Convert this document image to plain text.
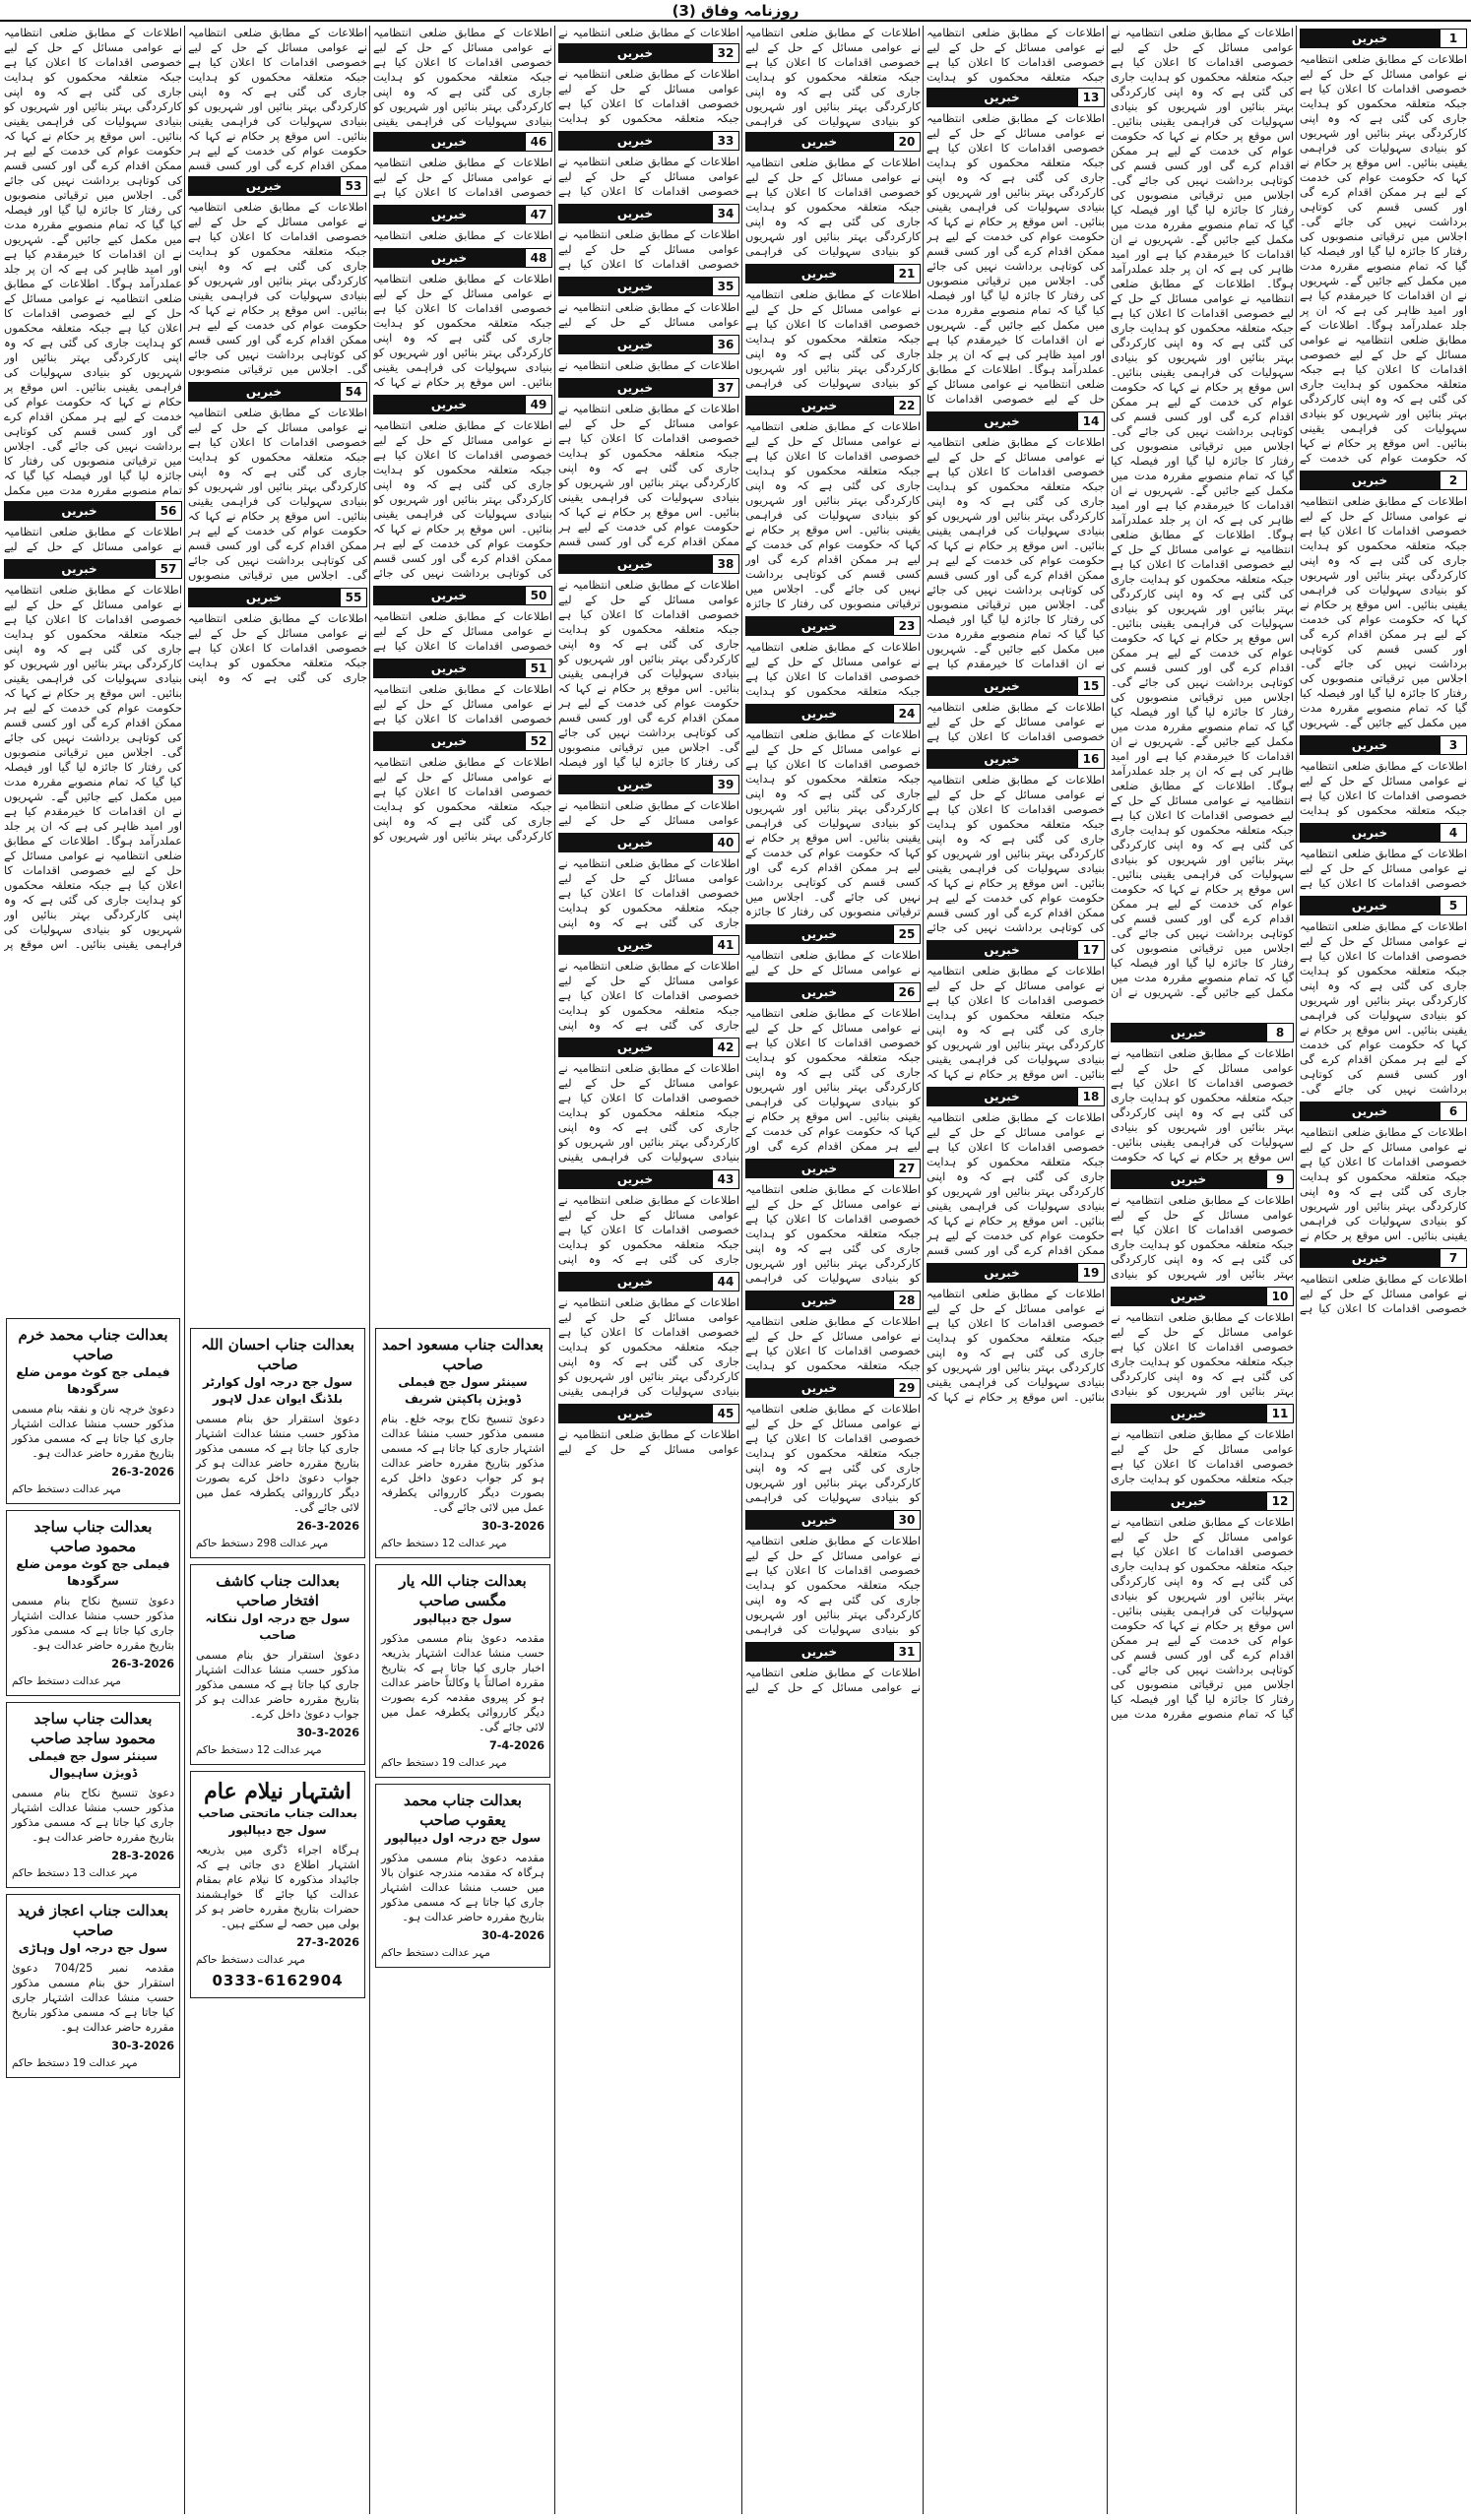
روزنامہ وفاق (3)
1
خبریں

اطلاعات کے مطابق ضلعی انتظامیہ نے عوامی مسائل کے حل کے لیے خصوصی اقدامات کا اعلان کیا ہے جبکہ متعلقہ محکموں کو ہدایت جاری کی گئی ہے کہ وہ اپنی کارکردگی بہتر بنائیں اور شہریوں کو بنیادی سہولیات کی فراہمی یقینی بنائیں۔ اس موقع پر حکام نے کہا کہ حکومت عوام کی خدمت کے لیے ہر ممکن اقدام کرے گی اور کسی قسم کی کوتاہی برداشت نہیں کی جائے گی۔ اجلاس میں ترقیاتی منصوبوں کی رفتار کا جائزہ لیا گیا اور فیصلہ کیا گیا کہ تمام منصوبے مقررہ مدت میں مکمل کیے جائیں گے۔ شہریوں نے ان اقدامات کا خیرمقدم کیا ہے اور امید ظاہر کی ہے کہ ان پر جلد عملدرآمد ہوگا۔ اطلاعات کے مطابق ضلعی انتظامیہ نے عوامی مسائل کے حل کے لیے خصوصی اقدامات کا اعلان کیا ہے جبکہ متعلقہ محکموں کو ہدایت جاری کی گئی ہے کہ وہ اپنی کارکردگی بہتر بنائیں اور شہریوں کو بنیادی سہولیات کی فراہمی یقینی بنائیں۔ اس موقع پر حکام نے کہا کہ حکومت عوام کی خدمت کے

2
خبریں

اطلاعات کے مطابق ضلعی انتظامیہ نے عوامی مسائل کے حل کے لیے خصوصی اقدامات کا اعلان کیا ہے جبکہ متعلقہ محکموں کو ہدایت جاری کی گئی ہے کہ وہ اپنی کارکردگی بہتر بنائیں اور شہریوں کو بنیادی سہولیات کی فراہمی یقینی بنائیں۔ اس موقع پر حکام نے کہا کہ حکومت عوام کی خدمت کے لیے ہر ممکن اقدام کرے گی اور کسی قسم کی کوتاہی برداشت نہیں کی جائے گی۔ اجلاس میں ترقیاتی منصوبوں کی رفتار کا جائزہ لیا گیا اور فیصلہ کیا گیا کہ تمام منصوبے مقررہ مدت میں مکمل کیے جائیں گے۔ شہریوں

3
خبریں

اطلاعات کے مطابق ضلعی انتظامیہ نے عوامی مسائل کے حل کے لیے خصوصی اقدامات کا اعلان کیا ہے جبکہ متعلقہ محکموں کو ہدایت

4
خبریں

اطلاعات کے مطابق ضلعی انتظامیہ نے عوامی مسائل کے حل کے لیے خصوصی اقدامات کا اعلان کیا ہے

5
خبریں

اطلاعات کے مطابق ضلعی انتظامیہ نے عوامی مسائل کے حل کے لیے خصوصی اقدامات کا اعلان کیا ہے جبکہ متعلقہ محکموں کو ہدایت جاری کی گئی ہے کہ وہ اپنی کارکردگی بہتر بنائیں اور شہریوں کو بنیادی سہولیات کی فراہمی یقینی بنائیں۔ اس موقع پر حکام نے کہا کہ حکومت عوام کی خدمت کے لیے ہر ممکن اقدام کرے گی اور کسی قسم کی کوتاہی برداشت نہیں کی جائے گی۔

6
خبریں

اطلاعات کے مطابق ضلعی انتظامیہ نے عوامی مسائل کے حل کے لیے خصوصی اقدامات کا اعلان کیا ہے جبکہ متعلقہ محکموں کو ہدایت جاری کی گئی ہے کہ وہ اپنی کارکردگی بہتر بنائیں اور شہریوں کو بنیادی سہولیات کی فراہمی یقینی بنائیں۔ اس موقع پر حکام نے

7
خبریں

اطلاعات کے مطابق ضلعی انتظامیہ نے عوامی مسائل کے حل کے لیے خصوصی اقدامات کا اعلان کیا ہے

اطلاعات کے مطابق ضلعی انتظامیہ نے عوامی مسائل کے حل کے لیے خصوصی اقدامات کا اعلان کیا ہے جبکہ متعلقہ محکموں کو ہدایت جاری کی گئی ہے کہ وہ اپنی کارکردگی بہتر بنائیں اور شہریوں کو بنیادی سہولیات کی فراہمی یقینی بنائیں۔ اس موقع پر حکام نے کہا کہ حکومت عوام کی خدمت کے لیے ہر ممکن اقدام کرے گی اور کسی قسم کی کوتاہی برداشت نہیں کی جائے گی۔ اجلاس میں ترقیاتی منصوبوں کی رفتار کا جائزہ لیا گیا اور فیصلہ کیا گیا کہ تمام منصوبے مقررہ مدت میں مکمل کیے جائیں گے۔ شہریوں نے ان اقدامات کا خیرمقدم کیا ہے اور امید ظاہر کی ہے کہ ان پر جلد عملدرآمد ہوگا۔ اطلاعات کے مطابق ضلعی انتظامیہ نے عوامی مسائل کے حل کے لیے خصوصی اقدامات کا اعلان کیا ہے جبکہ متعلقہ محکموں کو ہدایت جاری کی گئی ہے کہ وہ اپنی کارکردگی بہتر بنائیں اور شہریوں کو بنیادی سہولیات کی فراہمی یقینی بنائیں۔ اس موقع پر حکام نے کہا کہ حکومت عوام کی خدمت کے لیے ہر ممکن اقدام کرے گی اور کسی قسم کی کوتاہی برداشت نہیں کی جائے گی۔ اجلاس میں ترقیاتی منصوبوں کی رفتار کا جائزہ لیا گیا اور فیصلہ کیا گیا کہ تمام منصوبے مقررہ مدت میں مکمل کیے جائیں گے۔ شہریوں نے ان اقدامات کا خیرمقدم کیا ہے اور امید ظاہر کی ہے کہ ان پر جلد عملدرآمد ہوگا۔ اطلاعات کے مطابق ضلعی انتظامیہ نے عوامی مسائل کے حل کے لیے خصوصی اقدامات کا اعلان کیا ہے جبکہ متعلقہ محکموں کو ہدایت جاری کی گئی ہے کہ وہ اپنی کارکردگی بہتر بنائیں اور شہریوں کو بنیادی سہولیات کی فراہمی یقینی بنائیں۔ اس موقع پر حکام نے کہا کہ حکومت عوام کی خدمت کے لیے ہر ممکن اقدام کرے گی اور کسی قسم کی کوتاہی برداشت نہیں کی جائے گی۔ اجلاس میں ترقیاتی منصوبوں کی رفتار کا جائزہ لیا گیا اور فیصلہ کیا گیا کہ تمام منصوبے مقررہ مدت میں مکمل کیے جائیں گے۔ شہریوں نے ان اقدامات کا خیرمقدم کیا ہے اور امید ظاہر کی ہے کہ ان پر جلد عملدرآمد ہوگا۔ اطلاعات کے مطابق ضلعی انتظامیہ نے عوامی مسائل کے حل کے لیے خصوصی اقدامات کا اعلان کیا ہے جبکہ متعلقہ محکموں کو ہدایت جاری کی گئی ہے کہ وہ اپنی کارکردگی بہتر بنائیں اور شہریوں کو بنیادی سہولیات کی فراہمی یقینی بنائیں۔ اس موقع پر حکام نے کہا کہ حکومت عوام کی خدمت کے لیے ہر ممکن اقدام کرے گی اور کسی قسم کی کوتاہی برداشت نہیں کی جائے گی۔ اجلاس میں ترقیاتی منصوبوں کی رفتار کا جائزہ لیا گیا اور فیصلہ کیا گیا کہ تمام منصوبے مقررہ مدت میں مکمل کیے جائیں گے۔ شہریوں نے ان

8
خبریں

اطلاعات کے مطابق ضلعی انتظامیہ نے عوامی مسائل کے حل کے لیے خصوصی اقدامات کا اعلان کیا ہے جبکہ متعلقہ محکموں کو ہدایت جاری کی گئی ہے کہ وہ اپنی کارکردگی بہتر بنائیں اور شہریوں کو بنیادی سہولیات کی فراہمی یقینی بنائیں۔ اس موقع پر حکام نے کہا کہ حکومت

9
خبریں

اطلاعات کے مطابق ضلعی انتظامیہ نے عوامی مسائل کے حل کے لیے خصوصی اقدامات کا اعلان کیا ہے جبکہ متعلقہ محکموں کو ہدایت جاری کی گئی ہے کہ وہ اپنی کارکردگی بہتر بنائیں اور شہریوں کو بنیادی

10
خبریں

اطلاعات کے مطابق ضلعی انتظامیہ نے عوامی مسائل کے حل کے لیے خصوصی اقدامات کا اعلان کیا ہے جبکہ متعلقہ محکموں کو ہدایت جاری کی گئی ہے کہ وہ اپنی کارکردگی بہتر بنائیں اور شہریوں کو بنیادی

11
خبریں

اطلاعات کے مطابق ضلعی انتظامیہ نے عوامی مسائل کے حل کے لیے خصوصی اقدامات کا اعلان کیا ہے جبکہ متعلقہ محکموں کو ہدایت جاری

12
خبریں

اطلاعات کے مطابق ضلعی انتظامیہ نے عوامی مسائل کے حل کے لیے خصوصی اقدامات کا اعلان کیا ہے جبکہ متعلقہ محکموں کو ہدایت جاری کی گئی ہے کہ وہ اپنی کارکردگی بہتر بنائیں اور شہریوں کو بنیادی سہولیات کی فراہمی یقینی بنائیں۔ اس موقع پر حکام نے کہا کہ حکومت عوام کی خدمت کے لیے ہر ممکن اقدام کرے گی اور کسی قسم کی کوتاہی برداشت نہیں کی جائے گی۔ اجلاس میں ترقیاتی منصوبوں کی رفتار کا جائزہ لیا گیا اور فیصلہ کیا گیا کہ تمام منصوبے مقررہ مدت میں

اطلاعات کے مطابق ضلعی انتظامیہ نے عوامی مسائل کے حل کے لیے خصوصی اقدامات کا اعلان کیا ہے جبکہ متعلقہ محکموں کو ہدایت

13
خبریں

اطلاعات کے مطابق ضلعی انتظامیہ نے عوامی مسائل کے حل کے لیے خصوصی اقدامات کا اعلان کیا ہے جبکہ متعلقہ محکموں کو ہدایت جاری کی گئی ہے کہ وہ اپنی کارکردگی بہتر بنائیں اور شہریوں کو بنیادی سہولیات کی فراہمی یقینی بنائیں۔ اس موقع پر حکام نے کہا کہ حکومت عوام کی خدمت کے لیے ہر ممکن اقدام کرے گی اور کسی قسم کی کوتاہی برداشت نہیں کی جائے گی۔ اجلاس میں ترقیاتی منصوبوں کی رفتار کا جائزہ لیا گیا اور فیصلہ کیا گیا کہ تمام منصوبے مقررہ مدت میں مکمل کیے جائیں گے۔ شہریوں نے ان اقدامات کا خیرمقدم کیا ہے اور امید ظاہر کی ہے کہ ان پر جلد عملدرآمد ہوگا۔ اطلاعات کے مطابق ضلعی انتظامیہ نے عوامی مسائل کے حل کے لیے خصوصی اقدامات کا

14
خبریں

اطلاعات کے مطابق ضلعی انتظامیہ نے عوامی مسائل کے حل کے لیے خصوصی اقدامات کا اعلان کیا ہے جبکہ متعلقہ محکموں کو ہدایت جاری کی گئی ہے کہ وہ اپنی کارکردگی بہتر بنائیں اور شہریوں کو بنیادی سہولیات کی فراہمی یقینی بنائیں۔ اس موقع پر حکام نے کہا کہ حکومت عوام کی خدمت کے لیے ہر ممکن اقدام کرے گی اور کسی قسم کی کوتاہی برداشت نہیں کی جائے گی۔ اجلاس میں ترقیاتی منصوبوں کی رفتار کا جائزہ لیا گیا اور فیصلہ کیا گیا کہ تمام منصوبے مقررہ مدت میں مکمل کیے جائیں گے۔ شہریوں نے ان اقدامات کا خیرمقدم کیا ہے

15
خبریں

اطلاعات کے مطابق ضلعی انتظامیہ نے عوامی مسائل کے حل کے لیے خصوصی اقدامات کا اعلان کیا ہے

16
خبریں

اطلاعات کے مطابق ضلعی انتظامیہ نے عوامی مسائل کے حل کے لیے خصوصی اقدامات کا اعلان کیا ہے جبکہ متعلقہ محکموں کو ہدایت جاری کی گئی ہے کہ وہ اپنی کارکردگی بہتر بنائیں اور شہریوں کو بنیادی سہولیات کی فراہمی یقینی بنائیں۔ اس موقع پر حکام نے کہا کہ حکومت عوام کی خدمت کے لیے ہر ممکن اقدام کرے گی اور کسی قسم کی کوتاہی برداشت نہیں کی جائے

17
خبریں

اطلاعات کے مطابق ضلعی انتظامیہ نے عوامی مسائل کے حل کے لیے خصوصی اقدامات کا اعلان کیا ہے جبکہ متعلقہ محکموں کو ہدایت جاری کی گئی ہے کہ وہ اپنی کارکردگی بہتر بنائیں اور شہریوں کو بنیادی سہولیات کی فراہمی یقینی بنائیں۔ اس موقع پر حکام نے کہا کہ

18
خبریں

اطلاعات کے مطابق ضلعی انتظامیہ نے عوامی مسائل کے حل کے لیے خصوصی اقدامات کا اعلان کیا ہے جبکہ متعلقہ محکموں کو ہدایت جاری کی گئی ہے کہ وہ اپنی کارکردگی بہتر بنائیں اور شہریوں کو بنیادی سہولیات کی فراہمی یقینی بنائیں۔ اس موقع پر حکام نے کہا کہ حکومت عوام کی خدمت کے لیے ہر ممکن اقدام کرے گی اور کسی قسم

19
خبریں

اطلاعات کے مطابق ضلعی انتظامیہ نے عوامی مسائل کے حل کے لیے خصوصی اقدامات کا اعلان کیا ہے جبکہ متعلقہ محکموں کو ہدایت جاری کی گئی ہے کہ وہ اپنی کارکردگی بہتر بنائیں اور شہریوں کو بنیادی سہولیات کی فراہمی یقینی بنائیں۔ اس موقع پر حکام نے کہا کہ

اطلاعات کے مطابق ضلعی انتظامیہ نے عوامی مسائل کے حل کے لیے خصوصی اقدامات کا اعلان کیا ہے جبکہ متعلقہ محکموں کو ہدایت جاری کی گئی ہے کہ وہ اپنی کارکردگی بہتر بنائیں اور شہریوں کو بنیادی سہولیات کی فراہمی

20
خبریں

اطلاعات کے مطابق ضلعی انتظامیہ نے عوامی مسائل کے حل کے لیے خصوصی اقدامات کا اعلان کیا ہے جبکہ متعلقہ محکموں کو ہدایت جاری کی گئی ہے کہ وہ اپنی کارکردگی بہتر بنائیں اور شہریوں کو بنیادی سہولیات کی فراہمی

21
خبریں

اطلاعات کے مطابق ضلعی انتظامیہ نے عوامی مسائل کے حل کے لیے خصوصی اقدامات کا اعلان کیا ہے جبکہ متعلقہ محکموں کو ہدایت جاری کی گئی ہے کہ وہ اپنی کارکردگی بہتر بنائیں اور شہریوں کو بنیادی سہولیات کی فراہمی

22
خبریں

اطلاعات کے مطابق ضلعی انتظامیہ نے عوامی مسائل کے حل کے لیے خصوصی اقدامات کا اعلان کیا ہے جبکہ متعلقہ محکموں کو ہدایت جاری کی گئی ہے کہ وہ اپنی کارکردگی بہتر بنائیں اور شہریوں کو بنیادی سہولیات کی فراہمی یقینی بنائیں۔ اس موقع پر حکام نے کہا کہ حکومت عوام کی خدمت کے لیے ہر ممکن اقدام کرے گی اور کسی قسم کی کوتاہی برداشت نہیں کی جائے گی۔ اجلاس میں ترقیاتی منصوبوں کی رفتار کا جائزہ

23
خبریں

اطلاعات کے مطابق ضلعی انتظامیہ نے عوامی مسائل کے حل کے لیے خصوصی اقدامات کا اعلان کیا ہے جبکہ متعلقہ محکموں کو ہدایت

24
خبریں

اطلاعات کے مطابق ضلعی انتظامیہ نے عوامی مسائل کے حل کے لیے خصوصی اقدامات کا اعلان کیا ہے جبکہ متعلقہ محکموں کو ہدایت جاری کی گئی ہے کہ وہ اپنی کارکردگی بہتر بنائیں اور شہریوں کو بنیادی سہولیات کی فراہمی یقینی بنائیں۔ اس موقع پر حکام نے کہا کہ حکومت عوام کی خدمت کے لیے ہر ممکن اقدام کرے گی اور کسی قسم کی کوتاہی برداشت نہیں کی جائے گی۔ اجلاس میں ترقیاتی منصوبوں کی رفتار کا جائزہ

25
خبریں

اطلاعات کے مطابق ضلعی انتظامیہ نے عوامی مسائل کے حل کے لیے

26
خبریں

اطلاعات کے مطابق ضلعی انتظامیہ نے عوامی مسائل کے حل کے لیے خصوصی اقدامات کا اعلان کیا ہے جبکہ متعلقہ محکموں کو ہدایت جاری کی گئی ہے کہ وہ اپنی کارکردگی بہتر بنائیں اور شہریوں کو بنیادی سہولیات کی فراہمی یقینی بنائیں۔ اس موقع پر حکام نے کہا کہ حکومت عوام کی خدمت کے لیے ہر ممکن اقدام کرے گی اور

27
خبریں

اطلاعات کے مطابق ضلعی انتظامیہ نے عوامی مسائل کے حل کے لیے خصوصی اقدامات کا اعلان کیا ہے جبکہ متعلقہ محکموں کو ہدایت جاری کی گئی ہے کہ وہ اپنی کارکردگی بہتر بنائیں اور شہریوں کو بنیادی سہولیات کی فراہمی

28
خبریں

اطلاعات کے مطابق ضلعی انتظامیہ نے عوامی مسائل کے حل کے لیے خصوصی اقدامات کا اعلان کیا ہے جبکہ متعلقہ محکموں کو ہدایت

29
خبریں

اطلاعات کے مطابق ضلعی انتظامیہ نے عوامی مسائل کے حل کے لیے خصوصی اقدامات کا اعلان کیا ہے جبکہ متعلقہ محکموں کو ہدایت جاری کی گئی ہے کہ وہ اپنی کارکردگی بہتر بنائیں اور شہریوں کو بنیادی سہولیات کی فراہمی

30
خبریں

اطلاعات کے مطابق ضلعی انتظامیہ نے عوامی مسائل کے حل کے لیے خصوصی اقدامات کا اعلان کیا ہے جبکہ متعلقہ محکموں کو ہدایت جاری کی گئی ہے کہ وہ اپنی کارکردگی بہتر بنائیں اور شہریوں کو بنیادی سہولیات کی فراہمی

31
خبریں

اطلاعات کے مطابق ضلعی انتظامیہ نے عوامی مسائل کے حل کے لیے

اطلاعات کے مطابق ضلعی انتظامیہ نے

32
خبریں

اطلاعات کے مطابق ضلعی انتظامیہ نے عوامی مسائل کے حل کے لیے خصوصی اقدامات کا اعلان کیا ہے جبکہ متعلقہ محکموں کو ہدایت

33
خبریں

اطلاعات کے مطابق ضلعی انتظامیہ نے عوامی مسائل کے حل کے لیے خصوصی اقدامات کا اعلان کیا ہے

34
خبریں

اطلاعات کے مطابق ضلعی انتظامیہ نے عوامی مسائل کے حل کے لیے خصوصی اقدامات کا اعلان کیا ہے

35
خبریں

اطلاعات کے مطابق ضلعی انتظامیہ نے عوامی مسائل کے حل کے لیے

36
خبریں

اطلاعات کے مطابق ضلعی انتظامیہ نے

37
خبریں

اطلاعات کے مطابق ضلعی انتظامیہ نے عوامی مسائل کے حل کے لیے خصوصی اقدامات کا اعلان کیا ہے جبکہ متعلقہ محکموں کو ہدایت جاری کی گئی ہے کہ وہ اپنی کارکردگی بہتر بنائیں اور شہریوں کو بنیادی سہولیات کی فراہمی یقینی بنائیں۔ اس موقع پر حکام نے کہا کہ حکومت عوام کی خدمت کے لیے ہر ممکن اقدام کرے گی اور کسی قسم

38
خبریں

اطلاعات کے مطابق ضلعی انتظامیہ نے عوامی مسائل کے حل کے لیے خصوصی اقدامات کا اعلان کیا ہے جبکہ متعلقہ محکموں کو ہدایت جاری کی گئی ہے کہ وہ اپنی کارکردگی بہتر بنائیں اور شہریوں کو بنیادی سہولیات کی فراہمی یقینی بنائیں۔ اس موقع پر حکام نے کہا کہ حکومت عوام کی خدمت کے لیے ہر ممکن اقدام کرے گی اور کسی قسم کی کوتاہی برداشت نہیں کی جائے گی۔ اجلاس میں ترقیاتی منصوبوں کی رفتار کا جائزہ لیا گیا اور فیصلہ

39
خبریں

اطلاعات کے مطابق ضلعی انتظامیہ نے عوامی مسائل کے حل کے لیے

40
خبریں

اطلاعات کے مطابق ضلعی انتظامیہ نے عوامی مسائل کے حل کے لیے خصوصی اقدامات کا اعلان کیا ہے جبکہ متعلقہ محکموں کو ہدایت جاری کی گئی ہے کہ وہ اپنی

41
خبریں

اطلاعات کے مطابق ضلعی انتظامیہ نے عوامی مسائل کے حل کے لیے خصوصی اقدامات کا اعلان کیا ہے جبکہ متعلقہ محکموں کو ہدایت جاری کی گئی ہے کہ وہ اپنی

42
خبریں

اطلاعات کے مطابق ضلعی انتظامیہ نے عوامی مسائل کے حل کے لیے خصوصی اقدامات کا اعلان کیا ہے جبکہ متعلقہ محکموں کو ہدایت جاری کی گئی ہے کہ وہ اپنی کارکردگی بہتر بنائیں اور شہریوں کو بنیادی سہولیات کی فراہمی یقینی

43
خبریں

اطلاعات کے مطابق ضلعی انتظامیہ نے عوامی مسائل کے حل کے لیے خصوصی اقدامات کا اعلان کیا ہے جبکہ متعلقہ محکموں کو ہدایت جاری کی گئی ہے کہ وہ اپنی

44
خبریں

اطلاعات کے مطابق ضلعی انتظامیہ نے عوامی مسائل کے حل کے لیے خصوصی اقدامات کا اعلان کیا ہے جبکہ متعلقہ محکموں کو ہدایت جاری کی گئی ہے کہ وہ اپنی کارکردگی بہتر بنائیں اور شہریوں کو بنیادی سہولیات کی فراہمی یقینی

45
خبریں

اطلاعات کے مطابق ضلعی انتظامیہ نے عوامی مسائل کے حل کے لیے

اطلاعات کے مطابق ضلعی انتظامیہ نے عوامی مسائل کے حل کے لیے خصوصی اقدامات کا اعلان کیا ہے جبکہ متعلقہ محکموں کو ہدایت جاری کی گئی ہے کہ وہ اپنی کارکردگی بہتر بنائیں اور شہریوں کو بنیادی سہولیات کی فراہمی یقینی

46
خبریں

اطلاعات کے مطابق ضلعی انتظامیہ نے عوامی مسائل کے حل کے لیے خصوصی اقدامات کا اعلان کیا ہے

47
خبریں

اطلاعات کے مطابق ضلعی انتظامیہ

48
خبریں

اطلاعات کے مطابق ضلعی انتظامیہ نے عوامی مسائل کے حل کے لیے خصوصی اقدامات کا اعلان کیا ہے جبکہ متعلقہ محکموں کو ہدایت جاری کی گئی ہے کہ وہ اپنی کارکردگی بہتر بنائیں اور شہریوں کو بنیادی سہولیات کی فراہمی یقینی بنائیں۔ اس موقع پر حکام نے کہا کہ

49
خبریں

اطلاعات کے مطابق ضلعی انتظامیہ نے عوامی مسائل کے حل کے لیے خصوصی اقدامات کا اعلان کیا ہے جبکہ متعلقہ محکموں کو ہدایت جاری کی گئی ہے کہ وہ اپنی کارکردگی بہتر بنائیں اور شہریوں کو بنیادی سہولیات کی فراہمی یقینی بنائیں۔ اس موقع پر حکام نے کہا کہ حکومت عوام کی خدمت کے لیے ہر ممکن اقدام کرے گی اور کسی قسم کی کوتاہی برداشت نہیں کی جائے

50
خبریں

اطلاعات کے مطابق ضلعی انتظامیہ نے عوامی مسائل کے حل کے لیے خصوصی اقدامات کا اعلان کیا ہے

51
خبریں

اطلاعات کے مطابق ضلعی انتظامیہ نے عوامی مسائل کے حل کے لیے خصوصی اقدامات کا اعلان کیا ہے

52
خبریں

اطلاعات کے مطابق ضلعی انتظامیہ نے عوامی مسائل کے حل کے لیے خصوصی اقدامات کا اعلان کیا ہے جبکہ متعلقہ محکموں کو ہدایت جاری کی گئی ہے کہ وہ اپنی کارکردگی بہتر بنائیں اور شہریوں کو

بعدالت جناب مسعود احمد صاحب
سینئر سول جج فیملی ڈویژن پاکپتن شریف
دعویٰ تنسیخ نکاح بوجہ خلع۔ بنام مسمی مذکور حسب منشا عدالت اشتہار جاری کیا جاتا ہے کہ مسمی مذکور بتاریخ مقررہ حاضر عدالت ہو کر جواب دعویٰ داخل کرے بصورت دیگر کارروائی یکطرفہ عمل میں لائی جائے گی۔
30-3-2026
مہر عدالت 12 دستخط حاکم
بعدالت جناب اللہ یار مگسی صاحب
سول جج دیپالپور
مقدمہ دعویٰ بنام مسمی مذکور حسب منشا عدالت اشتہار بذریعہ اخبار جاری کیا جاتا ہے کہ بتاریخ مقررہ اصالتاً یا وکالتاً حاضر عدالت ہو کر پیروی مقدمہ کرے بصورت دیگر کارروائی یکطرفہ عمل میں لائی جائے گی۔
7-4-2026
مہر عدالت 19 دستخط حاکم
بعدالت جناب محمد یعقوب صاحب
سول جج درجہ اول دیپالپور
مقدمہ دعویٰ بنام مسمی مذکور ہرگاہ کہ مقدمہ مندرجہ عنوان بالا میں حسب منشا عدالت اشتہار جاری کیا جاتا ہے کہ مسمی مذکور بتاریخ مقررہ حاضر عدالت ہو۔
30-4-2026
مہر عدالت دستخط حاکم

اطلاعات کے مطابق ضلعی انتظامیہ نے عوامی مسائل کے حل کے لیے خصوصی اقدامات کا اعلان کیا ہے جبکہ متعلقہ محکموں کو ہدایت جاری کی گئی ہے کہ وہ اپنی کارکردگی بہتر بنائیں اور شہریوں کو بنیادی سہولیات کی فراہمی یقینی بنائیں۔ اس موقع پر حکام نے کہا کہ حکومت عوام کی خدمت کے لیے ہر ممکن اقدام کرے گی اور کسی قسم

53
خبریں

اطلاعات کے مطابق ضلعی انتظامیہ نے عوامی مسائل کے حل کے لیے خصوصی اقدامات کا اعلان کیا ہے جبکہ متعلقہ محکموں کو ہدایت جاری کی گئی ہے کہ وہ اپنی کارکردگی بہتر بنائیں اور شہریوں کو بنیادی سہولیات کی فراہمی یقینی بنائیں۔ اس موقع پر حکام نے کہا کہ حکومت عوام کی خدمت کے لیے ہر ممکن اقدام کرے گی اور کسی قسم کی کوتاہی برداشت نہیں کی جائے گی۔ اجلاس میں ترقیاتی منصوبوں

54
خبریں

اطلاعات کے مطابق ضلعی انتظامیہ نے عوامی مسائل کے حل کے لیے خصوصی اقدامات کا اعلان کیا ہے جبکہ متعلقہ محکموں کو ہدایت جاری کی گئی ہے کہ وہ اپنی کارکردگی بہتر بنائیں اور شہریوں کو بنیادی سہولیات کی فراہمی یقینی بنائیں۔ اس موقع پر حکام نے کہا کہ حکومت عوام کی خدمت کے لیے ہر ممکن اقدام کرے گی اور کسی قسم کی کوتاہی برداشت نہیں کی جائے گی۔ اجلاس میں ترقیاتی منصوبوں

55
خبریں

اطلاعات کے مطابق ضلعی انتظامیہ نے عوامی مسائل کے حل کے لیے خصوصی اقدامات کا اعلان کیا ہے جبکہ متعلقہ محکموں کو ہدایت جاری کی گئی ہے کہ وہ اپنی

بعدالت جناب احسان اللہ صاحب
سول جج درجہ اول کوارٹر بلڈنگ ایوان عدل لاہور
دعویٰ استقرار حق بنام مسمی مذکور حسب منشا عدالت اشتہار جاری کیا جاتا ہے کہ مسمی مذکور بتاریخ مقررہ حاضر عدالت ہو کر جواب دعویٰ داخل کرے بصورت دیگر کارروائی یکطرفہ عمل میں لائی جائے گی۔
26-3-2026
مہر عدالت 298 دستخط حاکم
بعدالت جناب کاشف افتخار صاحب
سول جج درجہ اول ننکانہ صاحب
دعویٰ استقرار حق بنام مسمی مذکور حسب منشا عدالت اشتہار جاری کیا جاتا ہے کہ مسمی مذکور بتاریخ مقررہ حاضر عدالت ہو کر جواب دعویٰ داخل کرے۔
30-3-2026
مہر عدالت 12 دستخط حاکم
اشتہار نیلام عام
بعدالت جناب ماتحتی صاحب سول جج دیپالپور
ہرگاہ اجراء ڈگری میں بذریعہ اشتہار اطلاع دی جاتی ہے کہ جائیداد مذکورہ کا نیلام عام بمقام عدالت کیا جائے گا خواہشمند حضرات بتاریخ مقررہ حاضر ہو کر بولی میں حصہ لے سکتے ہیں۔
27-3-2026
مہر عدالت دستخط حاکم
0333-6162904

اطلاعات کے مطابق ضلعی انتظامیہ نے عوامی مسائل کے حل کے لیے خصوصی اقدامات کا اعلان کیا ہے جبکہ متعلقہ محکموں کو ہدایت جاری کی گئی ہے کہ وہ اپنی کارکردگی بہتر بنائیں اور شہریوں کو بنیادی سہولیات کی فراہمی یقینی بنائیں۔ اس موقع پر حکام نے کہا کہ حکومت عوام کی خدمت کے لیے ہر ممکن اقدام کرے گی اور کسی قسم کی کوتاہی برداشت نہیں کی جائے گی۔ اجلاس میں ترقیاتی منصوبوں کی رفتار کا جائزہ لیا گیا اور فیصلہ کیا گیا کہ تمام منصوبے مقررہ مدت میں مکمل کیے جائیں گے۔ شہریوں نے ان اقدامات کا خیرمقدم کیا ہے اور امید ظاہر کی ہے کہ ان پر جلد عملدرآمد ہوگا۔ اطلاعات کے مطابق ضلعی انتظامیہ نے عوامی مسائل کے حل کے لیے خصوصی اقدامات کا اعلان کیا ہے جبکہ متعلقہ محکموں کو ہدایت جاری کی گئی ہے کہ وہ اپنی کارکردگی بہتر بنائیں اور شہریوں کو بنیادی سہولیات کی فراہمی یقینی بنائیں۔ اس موقع پر حکام نے کہا کہ حکومت عوام کی خدمت کے لیے ہر ممکن اقدام کرے گی اور کسی قسم کی کوتاہی برداشت نہیں کی جائے گی۔ اجلاس میں ترقیاتی منصوبوں کی رفتار کا جائزہ لیا گیا اور فیصلہ کیا گیا کہ تمام منصوبے مقررہ مدت میں مکمل

56
خبریں

اطلاعات کے مطابق ضلعی انتظامیہ نے عوامی مسائل کے حل کے لیے

57
خبریں

اطلاعات کے مطابق ضلعی انتظامیہ نے عوامی مسائل کے حل کے لیے خصوصی اقدامات کا اعلان کیا ہے جبکہ متعلقہ محکموں کو ہدایت جاری کی گئی ہے کہ وہ اپنی کارکردگی بہتر بنائیں اور شہریوں کو بنیادی سہولیات کی فراہمی یقینی بنائیں۔ اس موقع پر حکام نے کہا کہ حکومت عوام کی خدمت کے لیے ہر ممکن اقدام کرے گی اور کسی قسم کی کوتاہی برداشت نہیں کی جائے گی۔ اجلاس میں ترقیاتی منصوبوں کی رفتار کا جائزہ لیا گیا اور فیصلہ کیا گیا کہ تمام منصوبے مقررہ مدت میں مکمل کیے جائیں گے۔ شہریوں نے ان اقدامات کا خیرمقدم کیا ہے اور امید ظاہر کی ہے کہ ان پر جلد عملدرآمد ہوگا۔ اطلاعات کے مطابق ضلعی انتظامیہ نے عوامی مسائل کے حل کے لیے خصوصی اقدامات کا اعلان کیا ہے جبکہ متعلقہ محکموں کو ہدایت جاری کی گئی ہے کہ وہ اپنی کارکردگی بہتر بنائیں اور شہریوں کو بنیادی سہولیات کی فراہمی یقینی بنائیں۔ اس موقع پر

بعدالت جناب محمد خرم صاحب
فیملی جج کوٹ مومن ضلع سرگودھا
دعویٰ خرچہ نان و نفقہ بنام مسمی مذکور حسب منشا عدالت اشتہار جاری کیا جاتا ہے کہ مسمی مذکور بتاریخ مقررہ حاضر عدالت ہو۔
26-3-2026
مہر عدالت دستخط حاکم
بعدالت جناب ساجد محمود صاحب
فیملی جج کوٹ مومن ضلع سرگودھا
دعویٰ تنسیخ نکاح بنام مسمی مذکور حسب منشا عدالت اشتہار جاری کیا جاتا ہے کہ مسمی مذکور بتاریخ مقررہ حاضر عدالت ہو۔
26-3-2026
مہر عدالت دستخط حاکم
بعدالت جناب ساجد محمود ساجد صاحب
سینئر سول جج فیملی ڈویژن ساہیوال
دعویٰ تنسیخ نکاح بنام مسمی مذکور حسب منشا عدالت اشتہار جاری کیا جاتا ہے کہ مسمی مذکور بتاریخ مقررہ حاضر عدالت ہو۔
28-3-2026
مہر عدالت 13 دستخط حاکم
بعدالت جناب اعجاز فرید صاحب
سول جج درجہ اول وہاڑی
مقدمہ نمبر 704/25 دعویٰ استقرار حق بنام مسمی مذکور حسب منشا عدالت اشتہار جاری کیا جاتا ہے کہ مسمی مذکور بتاریخ مقررہ حاضر عدالت ہو۔
30-3-2026
مہر عدالت 19 دستخط حاکم
